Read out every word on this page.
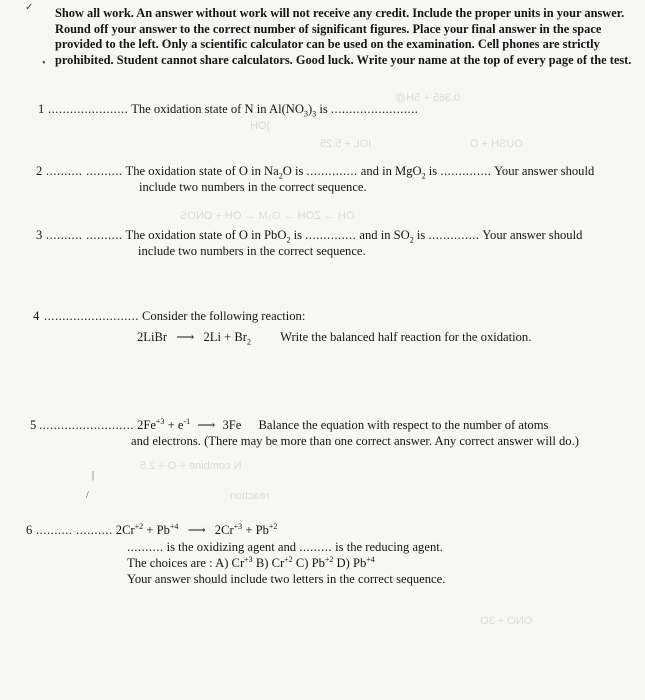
Show all work. An answer without work will not receive any credit. Include the proper units in your answer. Round off your answer to the correct number of significant figures. Place your final answer in the space provided to the left. Only a scientific calculator can be used on the examination. Cell phones are strictly prohibited. Student cannot share calculators. Good luck. Write your name at the top of every page of the test.
0.365 + 5H@
)OH
IOL + 5.25	OUSH + O
OH → ZOH → O₂M ← OH + ONOS
N combine + O + 2.5
reaction
ONO + 3O
✓
•
|
/
1 ...................... The oxidation state of N in $Al(NO_3)_3$ is ........................
2 .......... .......... The oxidation state of O in $Na_2O$ is .............. and in MgO$_2$ is .............. Your answer should
include two numbers in the correct sequence.
3 .......... .......... The oxidation state of O in PbO$_2$ is .............. and in $SO_2$ is .............. Your answer should
include two numbers in the correct sequence.
4 .......................... Consider the following reaction:
2LiBr ⟶ $2Li + Br_2$ Write the balanced half reaction for the oxidation.
5 .......................... $2Fe^{+3} + e^{-1}$ ⟶ 3Fe Balance the equation with respect to the number of atoms
and electrons. (There may be more than one correct answer. Any correct answer will do.)
6 .......... .......... $2Cr^{+2} + Pb^{+4}$ ⟶ $2Cr^{+3} + Pb^{+2}$
.......... is the oxidizing agent and ......... is the reducing agent.
The choices are : A) $Cr^{+3}$ B) $Cr^{+2}$ C) $Pb^{+2}$ D) $Pb^{+4}$
Your answer should include two letters in the correct sequence.
